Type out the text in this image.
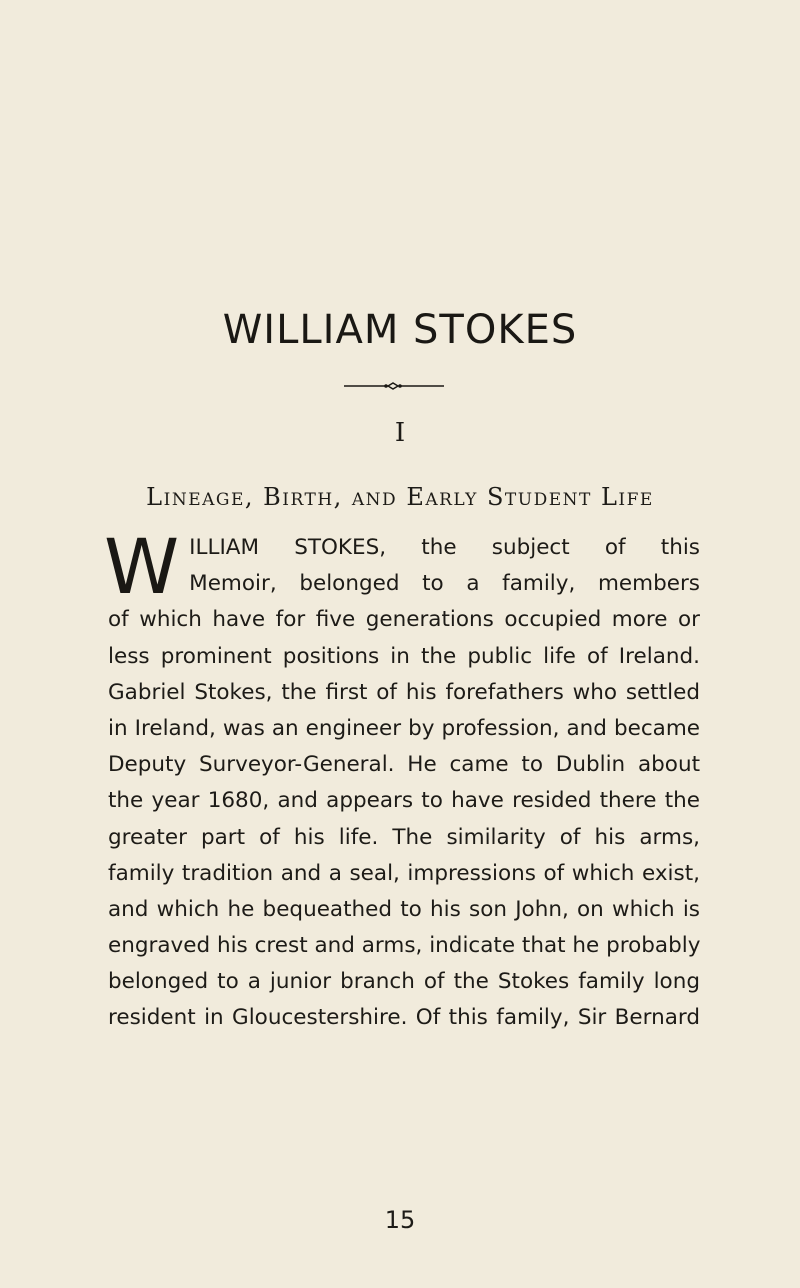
WILLIAM STOKES
I
Lineage, Birth, and Early Student Life
W ILLIAM STOKES, the subject of this
Memoir, belonged to a family, members
of which have for five generations occupied more or
less prominent positions in the public life of Ireland.
Gabriel Stokes, the first of his forefathers who settled
in Ireland, was an engineer by profession, and became
Deputy Surveyor-General. He came to Dublin about
the year 1680, and appears to have resided there the
greater part of his life. The similarity of his arms,
family tradition and a seal, impressions of which exist,
and which he bequeathed to his son John, on which is
engraved his crest and arms, indicate that he probably
belonged to a junior branch of the Stokes family long
resident in Gloucestershire. Of this family, Sir Bernard
15
